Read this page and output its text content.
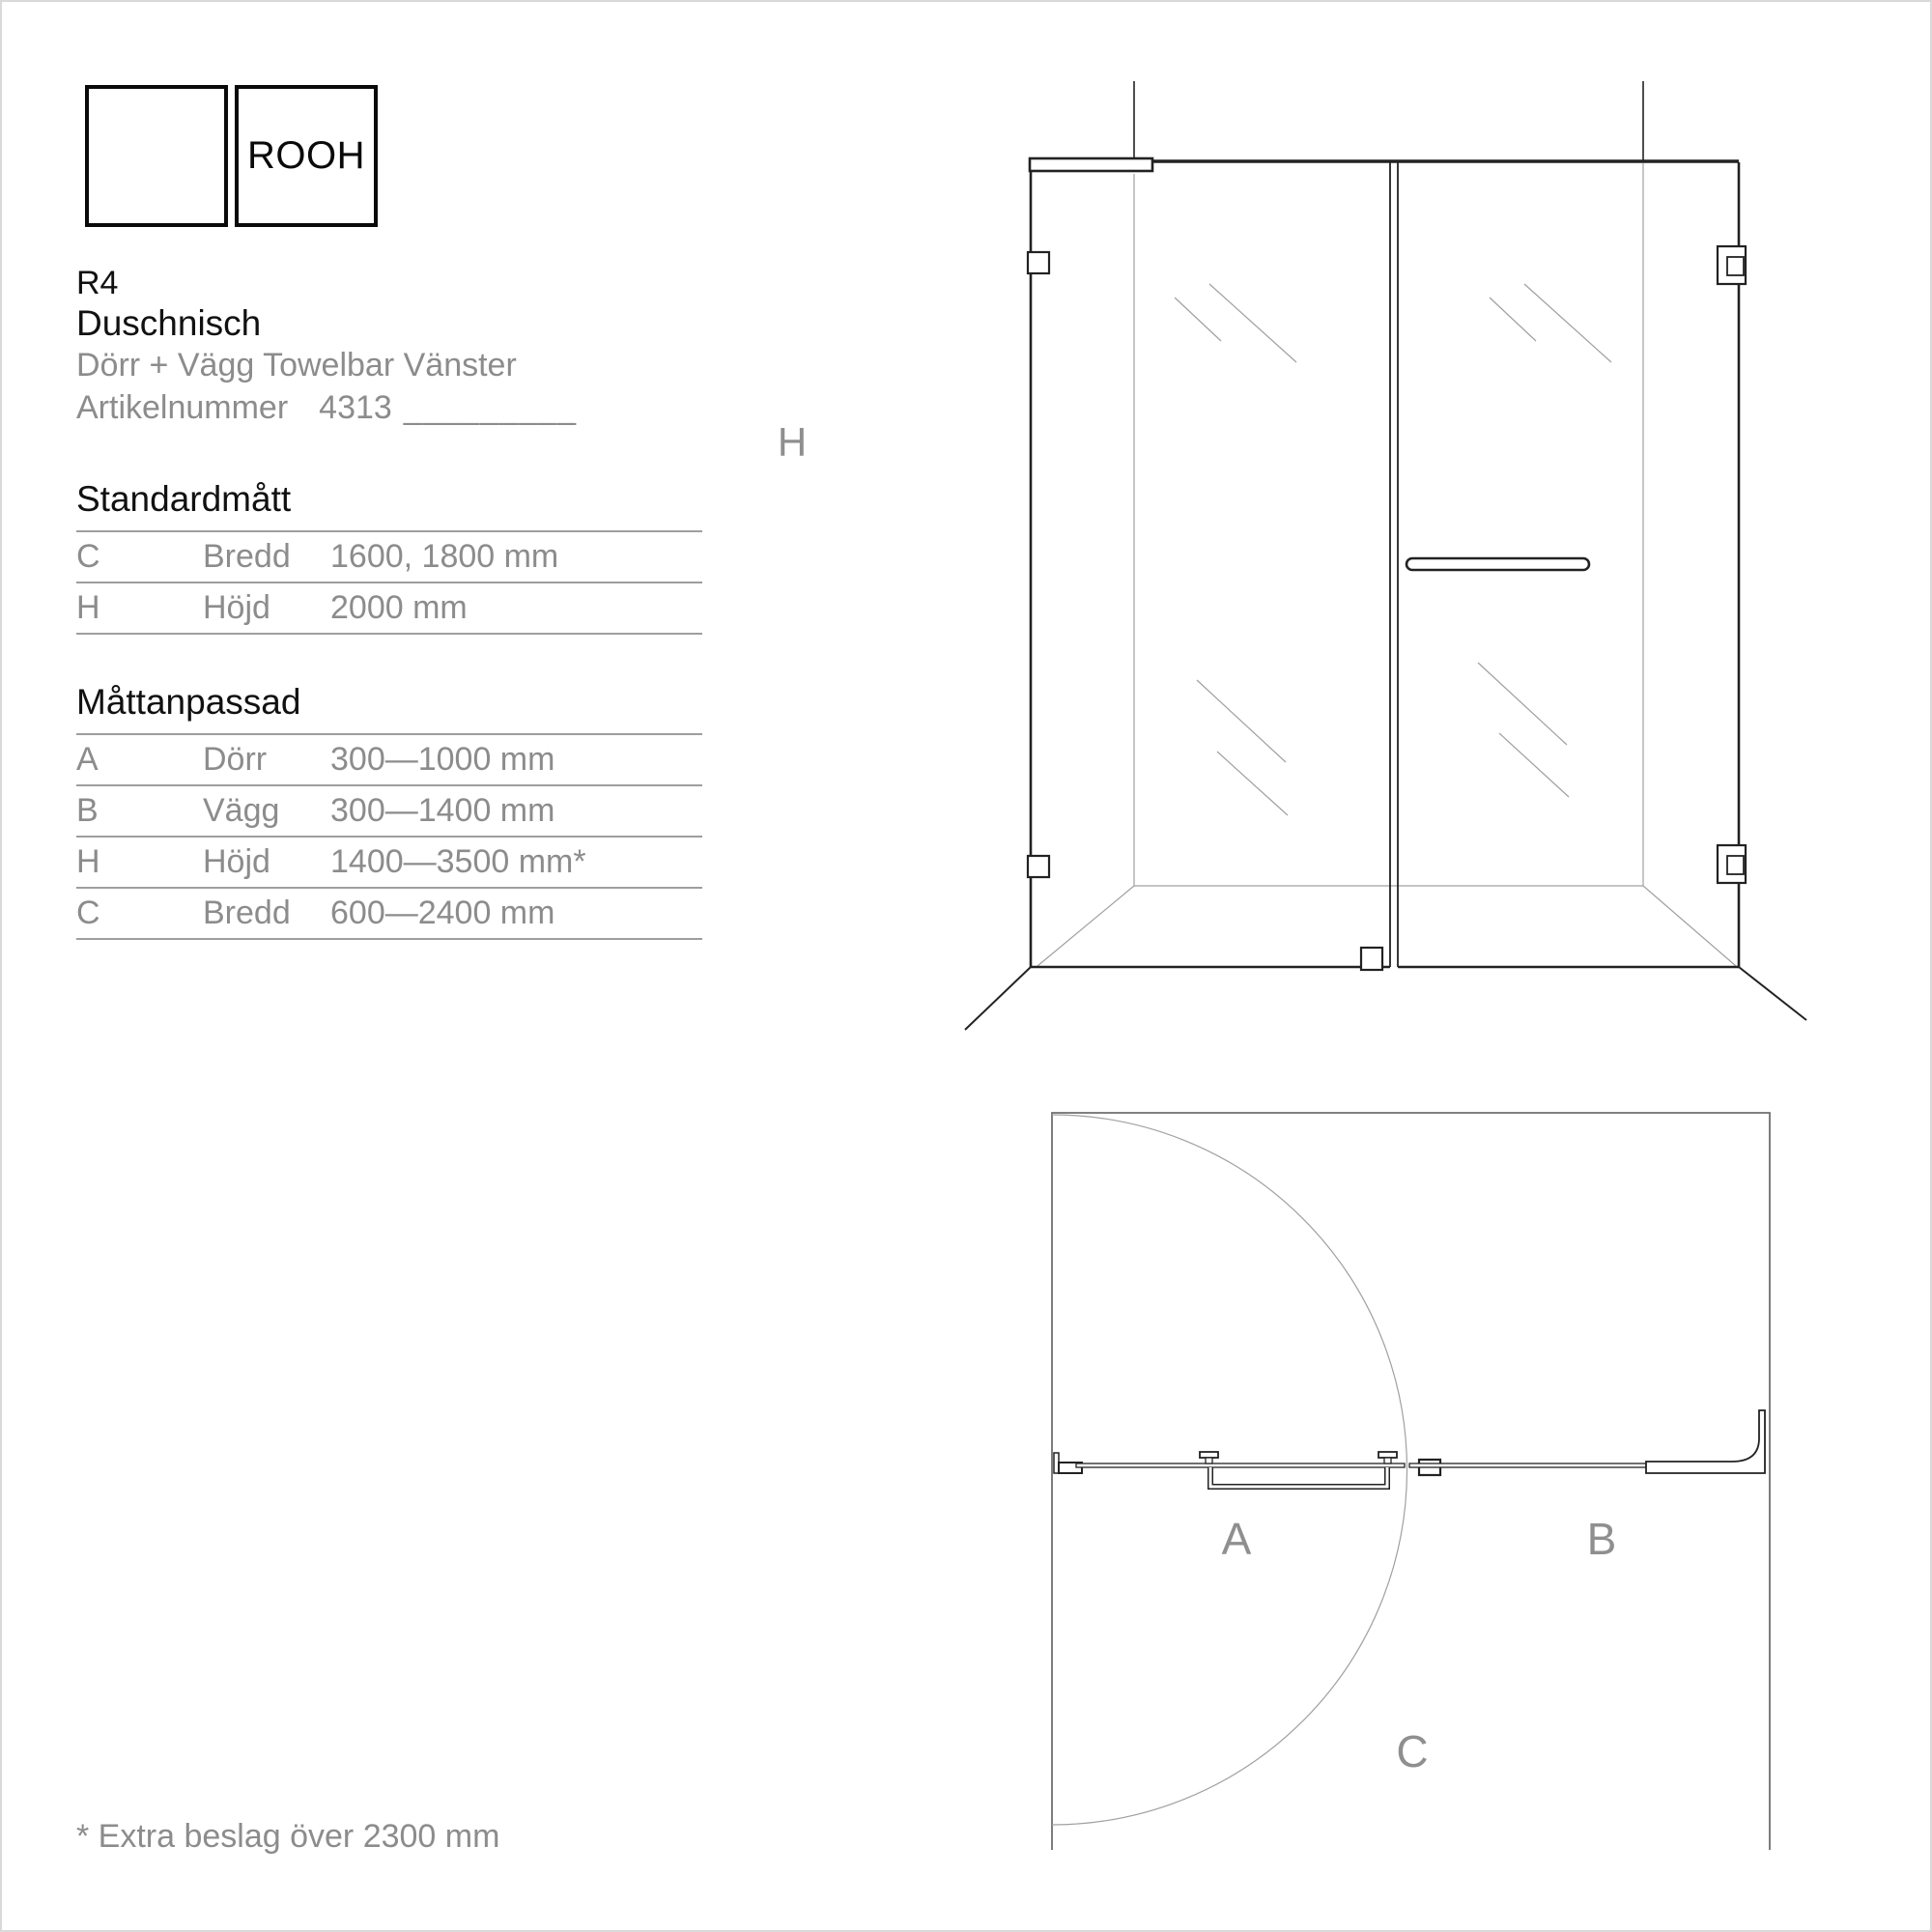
ROOH
R4
Duschnisch
Dörr + Vägg Towelbar Vänster
Artikelnummer 4313 _________
Standardmått
C	Bredd	1600, 1800 mm
H	Höjd	2000 mm
Måttanpassad
A	Dörr	300—1000 mm
B	Vägg	300—1400 mm
H	Höjd	1400—3500 mm*
C	Bredd	600—2400 mm
* Extra beslag över 2300 mm
H
A	B
C
